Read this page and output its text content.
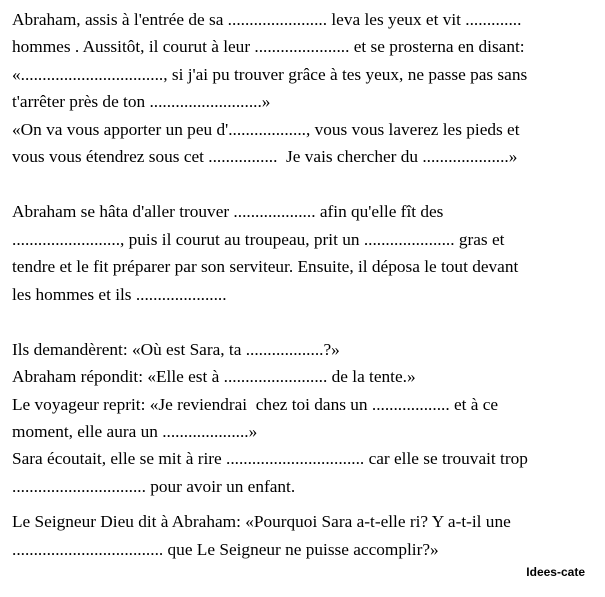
Abraham, assis à l'entrée de sa ....................... leva les yeux et vit .............
hommes . Aussitôt, il courut à leur ...................... et se prosterna en disant:
«................................., si j'ai pu trouver grâce à tes yeux, ne passe pas sans
t'arrêter près de ton ..........................»
«On va vous apporter un peu d'.................., vous vous laverez les pieds et
vous vous étendrez sous cet ................  Je vais chercher du ....................»
Abraham se hâta d'aller trouver ................... afin qu'elle fît des
........................., puis il courut au troupeau, prit un ..................... gras et
tendre et le fit préparer par son serviteur. Ensuite, il déposa le tout devant
les hommes et ils .....................
Ils demandèrent: «Où est Sara, ta ..................?»
Abraham répondit: «Elle est à ........................ de la tente.»
Le voyageur reprit: «Je reviendrai  chez toi dans un .................. et à ce
moment, elle aura un ....................»
Sara écoutait, elle se mit à rire ................................ car elle se trouvait trop
............................... pour avoir un enfant.
Le Seigneur Dieu dit à Abraham: «Pourquoi Sara a-t-elle ri? Y a-t-il une
................................... que Le Seigneur ne puisse accomplir?»
Idees-cate
